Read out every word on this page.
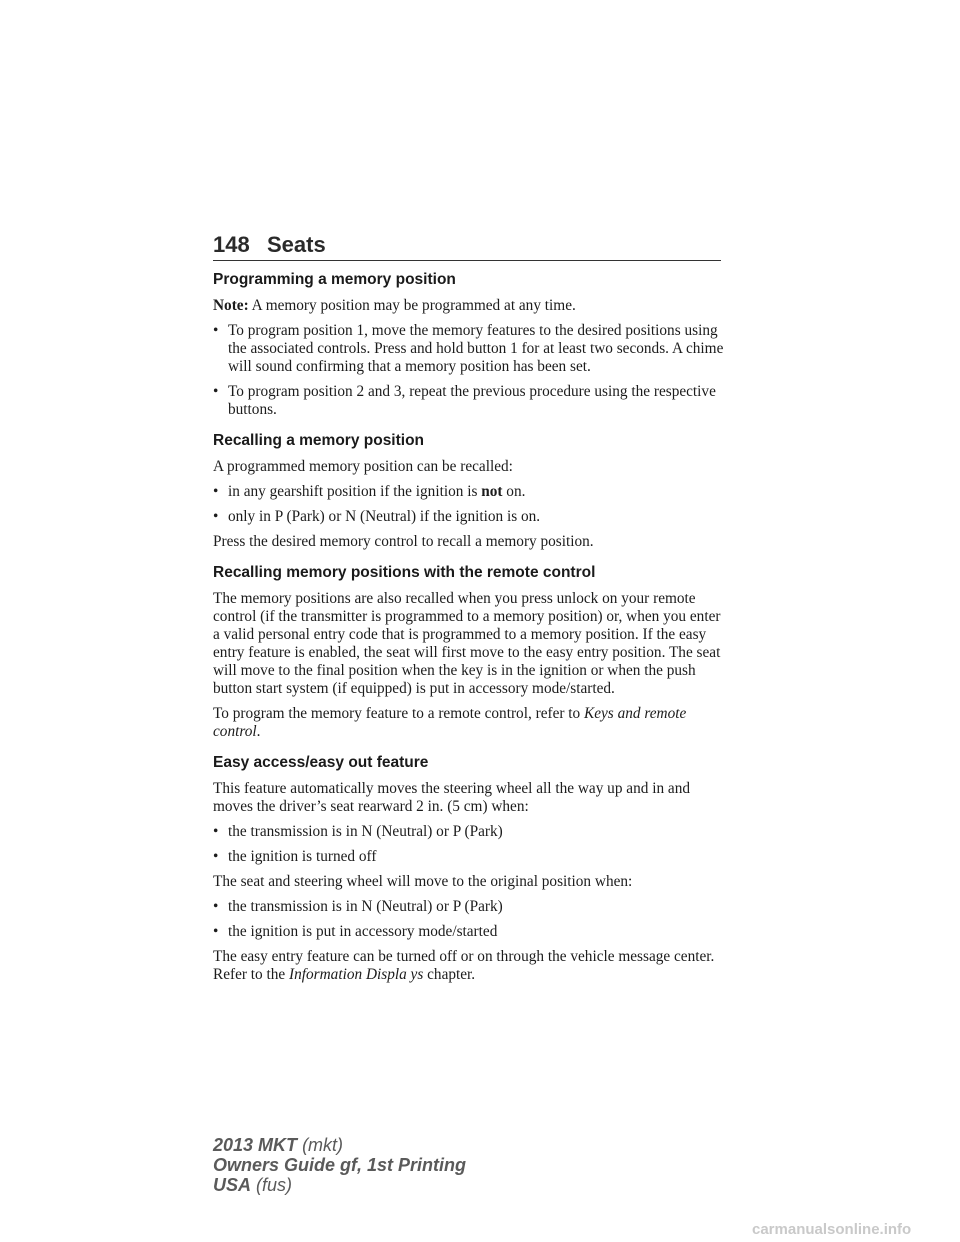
148 Seats
Programming a memory position

Note: A memory position may be programmed at any time.

• To program position 1, move the memory features to the desired positions using the associated controls. Press and hold button 1 for at least two seconds. A chime will sound confirming that a memory position has been set.
• To program position 2 and 3, repeat the previous procedure using the respective buttons.
Recalling a memory position

A programmed memory position can be recalled:

• in any gearshift position if the ignition is not on.
• only in P (Park) or N (Neutral) if the ignition is on.

Press the desired memory control to recall a memory position.

Recalling memory positions with the remote control

The memory positions are also recalled when you press unlock on your remote control (if the transmitter is programmed to a memory position) or, when you enter a valid personal entry code that is programmed to a memory position. If the easy entry feature is enabled, the seat will first move to the easy entry position. The seat will move to the final position when the key is in the ignition or when the push button start system (if equipped) is put in accessory mode/started.

To program the memory feature to a remote control, refer to Keys and remote control.

Easy access/easy out feature

This feature automatically moves the steering wheel all the way up and in and moves the driver’s seat rearward 2 in. (5 cm) when:

• the transmission is in N (Neutral) or P (Park)
• the ignition is turned off

The seat and steering wheel will move to the original position when:

• the transmission is in N (Neutral) or P (Park)
• the ignition is put in accessory mode/started

The easy entry feature can be turned off or on through the vehicle message center. Refer to the Information Displa ys chapter.

2013 MKT (mkt)
Owners Guide gf, 1st Printing
USA (fus)
carmanualsonline.info
